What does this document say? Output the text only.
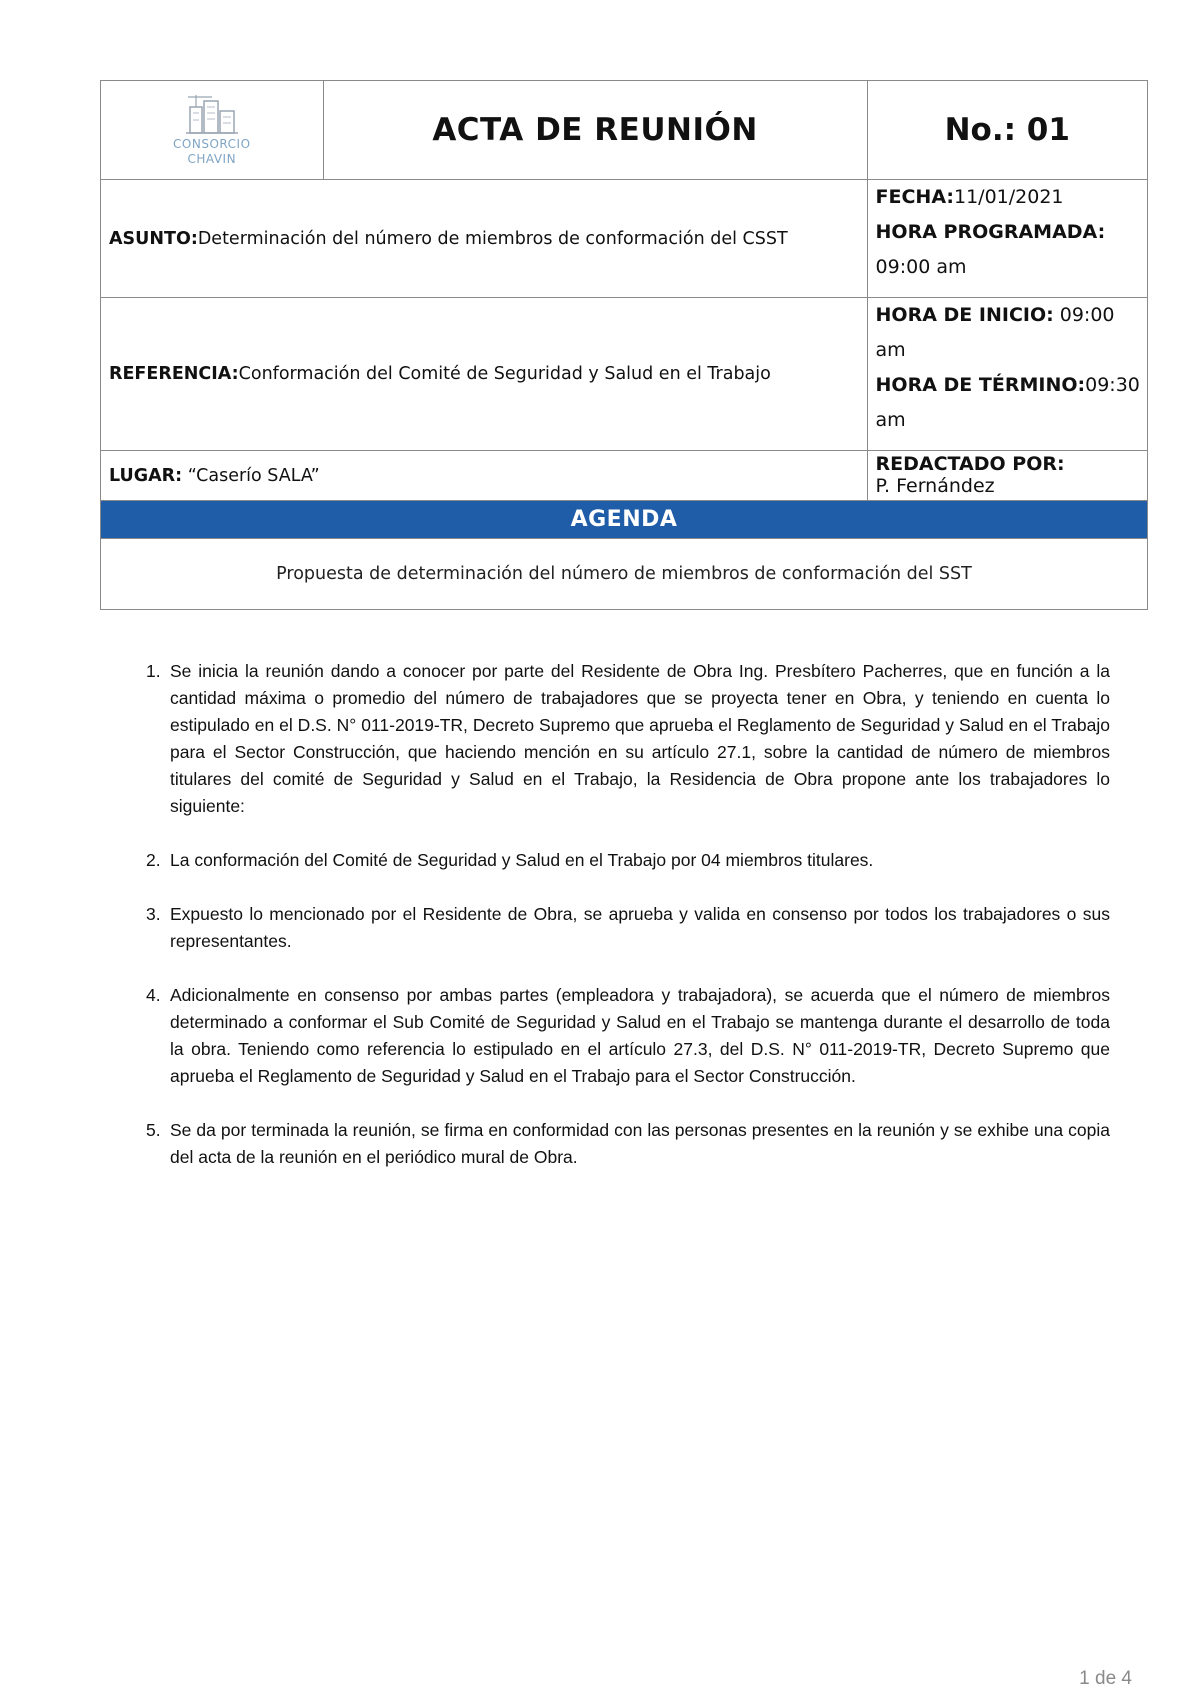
CONSORCIO
CHAVIN
ACTA DE REUNIÓN	No.: 01
ASUNTO: Determinación del número de miembros de conformación del CSST
FECHA:11/01/2021
HORA PROGRAMADA:
09:00 am
REFERENCIA: Conformación del Comité de Seguridad y Salud en el Trabajo
HORA DE INICIO: 09:00 am
HORA DE TÉRMINO:09:30 am
LUGAR:
“Caserío SALA”
REDACTADO POR:
P. Fernández
AGENDA
Propuesta de determinación del número de miembros de conformación del SST
1. Se inicia la reunión dando a conocer por parte del Residente de Obra Ing. Presbítero Pacherres, que en función a la cantidad máxima o promedio del número de trabajadores que se proyecta tener en Obra, y teniendo en cuenta lo estipulado en el D.S. N° 011-2019-TR, Decreto Supremo que aprueba el Reglamento de Seguridad y Salud en el Trabajo para el Sector Construcción, que haciendo mención en su artículo 27.1, sobre la cantidad de número de miembros titulares del comité de Seguridad y Salud en el Trabajo, la Residencia de Obra propone ante los trabajadores lo siguiente:
2. La conformación del Comité de Seguridad y Salud en el Trabajo por 04 miembros titulares.
3. Expuesto lo mencionado por el Residente de Obra, se aprueba y valida en consenso por todos los trabajadores o sus representantes.
4. Adicionalmente en consenso por ambas partes (empleadora y trabajadora), se acuerda que el número de miembros determinado a conformar el Sub Comité de Seguridad y Salud en el Trabajo se mantenga durante el desarrollo de toda la obra. Teniendo como referencia lo estipulado en el artículo 27.3, del D.S. N° 011-2019-TR, Decreto Supremo que aprueba el Reglamento de Seguridad y Salud en el Trabajo para el Sector Construcción.
5. Se da por terminada la reunión, se firma en conformidad con las personas presentes en la reunión y se exhibe una copia del acta de la reunión en el periódico mural de Obra.
1 de 4
